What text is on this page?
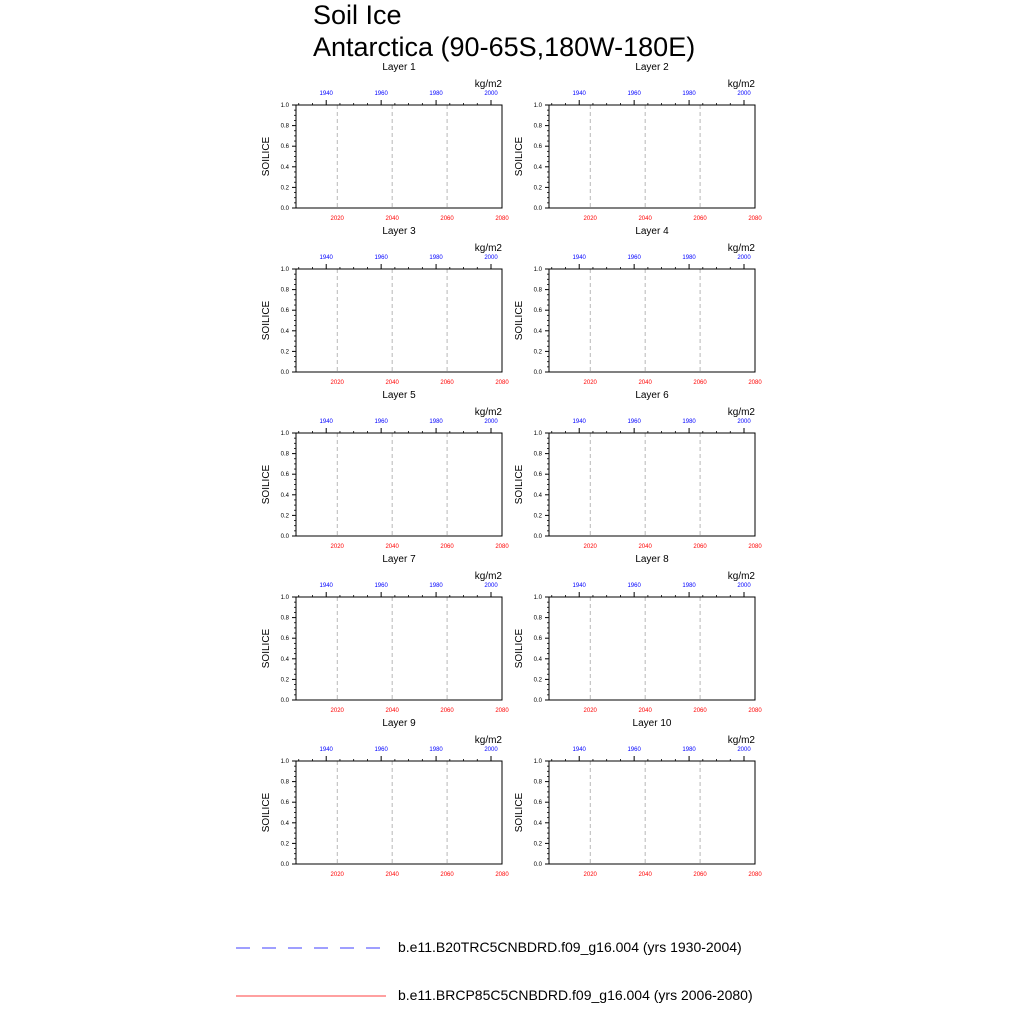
Soil Ice
Antarctica (90-65S,180W-180E)
Layer 1
kg/m2
0.0
0.2
0.4
0.6
0.8
1.0
SOILICE
2020	2040	2060	2080
1940	1960	1980	2000
Layer 2
kg/m2
0.0
0.2
0.4
0.6
0.8
1.0
SOILICE
2020	2040	2060	2080
1940	1960	1980	2000
Layer 3
kg/m2
0.0
0.2
0.4
0.6
0.8
1.0
SOILICE
2020	2040	2060	2080
1940	1960	1980	2000
Layer 4
kg/m2
0.0
0.2
0.4
0.6
0.8
1.0
SOILICE
2020	2040	2060	2080
1940	1960	1980	2000
Layer 5
kg/m2
0.0
0.2
0.4
0.6
0.8
1.0
SOILICE
2020	2040	2060	2080
1940	1960	1980	2000
Layer 6
kg/m2
0.0
0.2
0.4
0.6
0.8
1.0
SOILICE
2020	2040	2060	2080
1940	1960	1980	2000
Layer 7
kg/m2
0.0
0.2
0.4
0.6
0.8
1.0
SOILICE
2020	2040	2060	2080
1940	1960	1980	2000
Layer 8
kg/m2
0.0
0.2
0.4
0.6
0.8
1.0
SOILICE
2020	2040	2060	2080
1940	1960	1980	2000
Layer 9
kg/m2
0.0
0.2
0.4
0.6
0.8
1.0
SOILICE
2020	2040	2060	2080
1940	1960	1980	2000
Layer 10
kg/m2
0.0
0.2
0.4
0.6
0.8
1.0
SOILICE
2020	2040	2060	2080
1940	1960	1980	2000
b.e11.B20TRC5CNBDRD.f09_g16.004 (yrs 1930-2004)
b.e11.BRCP85C5CNBDRD.f09_g16.004 (yrs 2006-2080)
